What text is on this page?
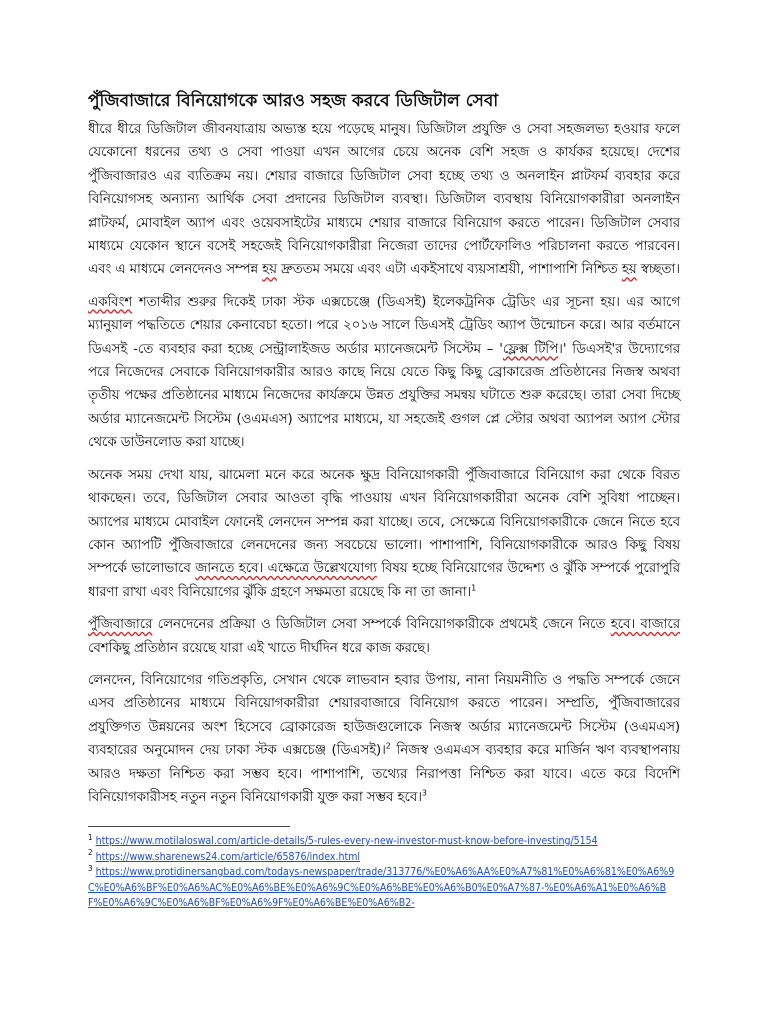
পুঁজিবাজারে বিনিয়োগকে আরও সহজ করবে ডিজিটাল সেবা

ধীরে ধীরে ডিজিটাল জীবনযাত্রায় অভ্যস্ত হয়ে পড়েছে মানুষ। ডিজিটাল প্রযুক্তি ও সেবা সহজলভ্য হওয়ার ফলে যেকোনো ধরনের তথ্য ও সেবা পাওয়া এখন আগের চেয়ে অনেক বেশি সহজ ও কার্যকর হয়েছে। দেশের পুঁজিবাজারও এর ব্যতিক্রম নয়। শেয়ার বাজারে ডিজিটাল সেবা হচ্ছে তথ্য ও অনলাইন প্লাটফর্ম ব্যবহার করে বিনিয়োগসহ অন্যান্য আর্থিক সেবা প্রদানের ডিজিটাল ব্যবস্থা। ডিজিটাল ব্যবস্থায় বিনিয়োগকারীরা অনলাইন প্লাটফর্ম, মোবাইল অ্যাপ এবং ওয়েবসাইটের মাধ্যমে শেয়ার বাজারে বিনিয়োগ করতে পারেন। ডিজিটাল সেবার মাধ্যমে যেকোন স্থানে বসেই সহজেই বিনিয়োগকারীরা নিজেরা তাদের পোর্টফোলিও পরিচালনা করতে পারবেন। এবং এ মাধ্যমে লেনদেনও সম্পন্ন হয় দ্রুততম সময়ে এবং এটা একইসাথে ব্যয়সাশ্রয়ী, পাশাপাশি নিশ্চিত হয় স্বচ্ছতা।

একবিংশ শতাব্দীর শুরুর দিকেই ঢাকা স্টক এক্সচেঞ্জে (ডিএসই) ইলেকট্রনিক ট্রেডিং এর সূচনা হয়। এর আগে ম্যানুয়াল পদ্ধতিতে শেয়ার কেনাবেচা হতো। পরে ২০১৬ সালে ডিএসই ট্রেডিং অ্যাপ উন্মোচন করে। আর বর্তমানে ডিএসই -তে ব্যবহার করা হচ্ছে সেন্ট্রালাইজড অর্ডার ম্যানেজমেন্ট সিস্টেম – 'ফ্লেক্স টিপি।' ডিএসই'র উদ্যোগের পরে নিজেদের সেবাকে বিনিয়োগকারীর আরও কাছে নিয়ে যেতে কিছু কিছু ব্রোকারেজ প্রতিষ্ঠানের নিজস্ব অথবা তৃতীয় পক্ষের প্রতিষ্ঠানের মাধ্যমে নিজেদের কার্যক্রমে উন্নত প্রযুক্তির সমন্বয় ঘটাতে শুরু করেছে। তারা সেবা দিচ্ছে অর্ডার ম্যানেজমেন্ট সিস্টেম (ওএমএস) অ্যাপের মাধ্যমে, যা সহজেই গুগল প্লে স্টোর অথবা অ্যাপল অ্যাপ স্টোর থেকে ডাউনলোড করা যাচ্ছে।

অনেক সময় দেখা যায়, ঝামেলা মনে করে অনেক ক্ষুদ্র বিনিয়োগকারী পুঁজিবাজারে বিনিয়োগ করা থেকে বিরত থাকছেন। তবে, ডিজিটাল সেবার আওতা বৃদ্ধি পাওয়ায় এখন বিনিয়োগকারীরা অনেক বেশি সুবিধা পাচ্ছেন। অ্যাপের মাধ্যমে মোবাইল ফোনেই লেনদেন সম্পন্ন করা যাচ্ছে। তবে, সেক্ষেত্রে বিনিয়োগকারীকে জেনে নিতে হবে কোন অ্যাপটি পুঁজিবাজারে লেনদেনের জন্য সবচেয়ে ভালো। পাশাপাশি, বিনিয়োগকারীকে আরও কিছু বিষয় সম্পর্কে ভালোভাবে জানতে হবে। এক্ষেত্রে উল্লেখযোগ্য বিষয় হচ্ছে বিনিয়োগের উদ্দেশ্য ও ঝুঁকি সম্পর্কে পুরোপুরি ধারণা রাখা এবং বিনিয়োগের ঝুঁকি গ্রহণে সক্ষমতা রয়েছে কি না তা জানা।$^1$

পুঁজিবাজারে লেনদেনের প্রক্রিয়া ও ডিজিটাল সেবা সম্পর্কে বিনিয়োগকারীকে প্রথমেই জেনে নিতে হবে। বাজারে বেশকিছু প্রতিষ্ঠান রয়েছে যারা এই খাতে দীর্ঘদিন ধরে কাজ করছে।

লেনদেন, বিনিয়োগের গতিপ্রকৃতি, সেখান থেকে লাভবান হবার উপায়, নানা নিয়মনীতি ও পদ্ধতি সম্পর্কে জেনে এসব প্রতিষ্ঠানের মাধ্যমে বিনিয়োগকারীরা শেয়ারবাজারে বিনিয়োগ করতে পারেন। সম্প্রতি, পুঁজিবাজারের প্রযুক্তিগত উন্নয়নের অংশ হিসেবে ব্রোকারেজ হাউজগুলোকে নিজস্ব অর্ডার ম্যানেজমেন্ট সিস্টেম (ওএমএস) ব্যবহারের অনুমোদন দেয় ঢাকা স্টক এক্সচেঞ্জ (ডিএসই)।$^2$ নিজস্ব ওএমএস ব্যবহার করে মার্জিন ঋণ ব্যবস্থাপনায় আরও দক্ষতা নিশ্চিত করা সম্ভব হবে। পাশাপাশি, তথ্যের নিরাপত্তা নিশ্চিত করা যাবে। এতে করে বিদেশি বিনিয়োগকারীসহ নতুন নতুন বিনিয়োগকারী যুক্ত করা সম্ভব হবে।$^3$

$^1$ https://www.motilaloswal.com/article-details/5-rules-every-new-investor-must-know-before-investing/5154

$^2$ https://www.sharenews24.com/article/65876/index.html

$^3$ https://www.protidinersangbad.com/todays-newspaper/trade/313776/%E0%A6%AA%E0%A7%81%E0%A6%81%E0%A6%9C%E0%A6%BF%E0%A6%AC%E0%A6%BE%E0%A6%9C%E0%A6%BE%E0%A6%B0%E0%A7%87-%E0%A6%A1%E0%A6%BF%E0%A6%9C%E0%A6%BF%E0%A6%9F%E0%A6%BE%E0%A6%B2-
